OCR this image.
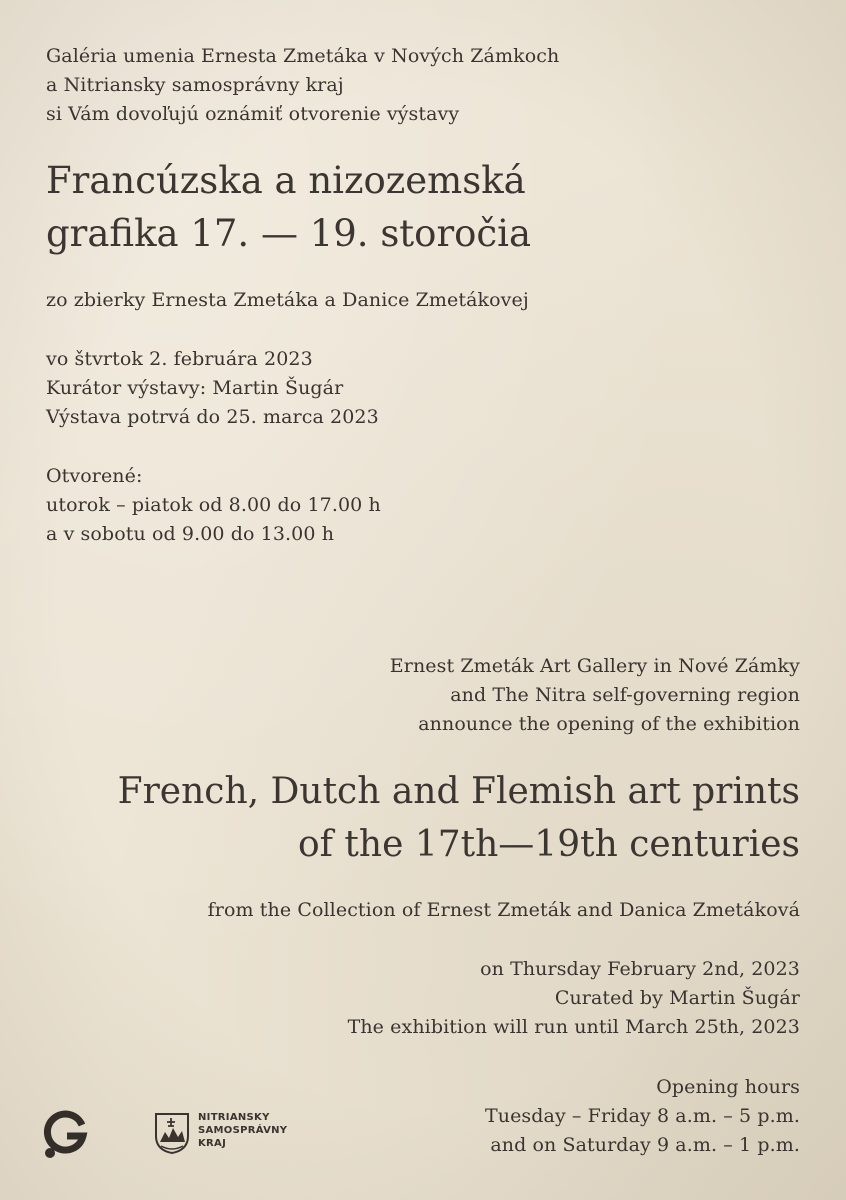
Galéria umenia Ernesta Zmetáka v Nových Zámkoch
a Nitriansky samosprávny kraj
si Vám dovoľujú oznámiť otvorenie výstavy
Francúzska a nizozemská
grafika 17. — 19. storočia
zo zbierky Ernesta Zmetáka a Danice Zmetákovej
vo štvrtok 2. februára 2023
Kurátor výstavy: Martin Šugár
Výstava potrvá do 25. marca 2023
Otvorené:
utorok – piatok od 8.00 do 17.00 h
a v sobotu od 9.00 do 13.00 h
Ernest Zmeták Art Gallery in Nové Zámky
and The Nitra self-governing region
announce the opening of the exhibition
French, Dutch and Flemish art prints
of the 17th—19th centuries
from the Collection of Ernest Zmeták and Danica Zmetáková
on Thursday February 2nd, 2023
Curated by Martin Šugár
The exhibition will run until March 25th, 2023
Opening hours
Tuesday – Friday 8 a.m. – 5 p.m.
and on Saturday 9 a.m. – 1 p.m.
NITRIANSKY
SAMOSPRÁVNY
KRAJ
